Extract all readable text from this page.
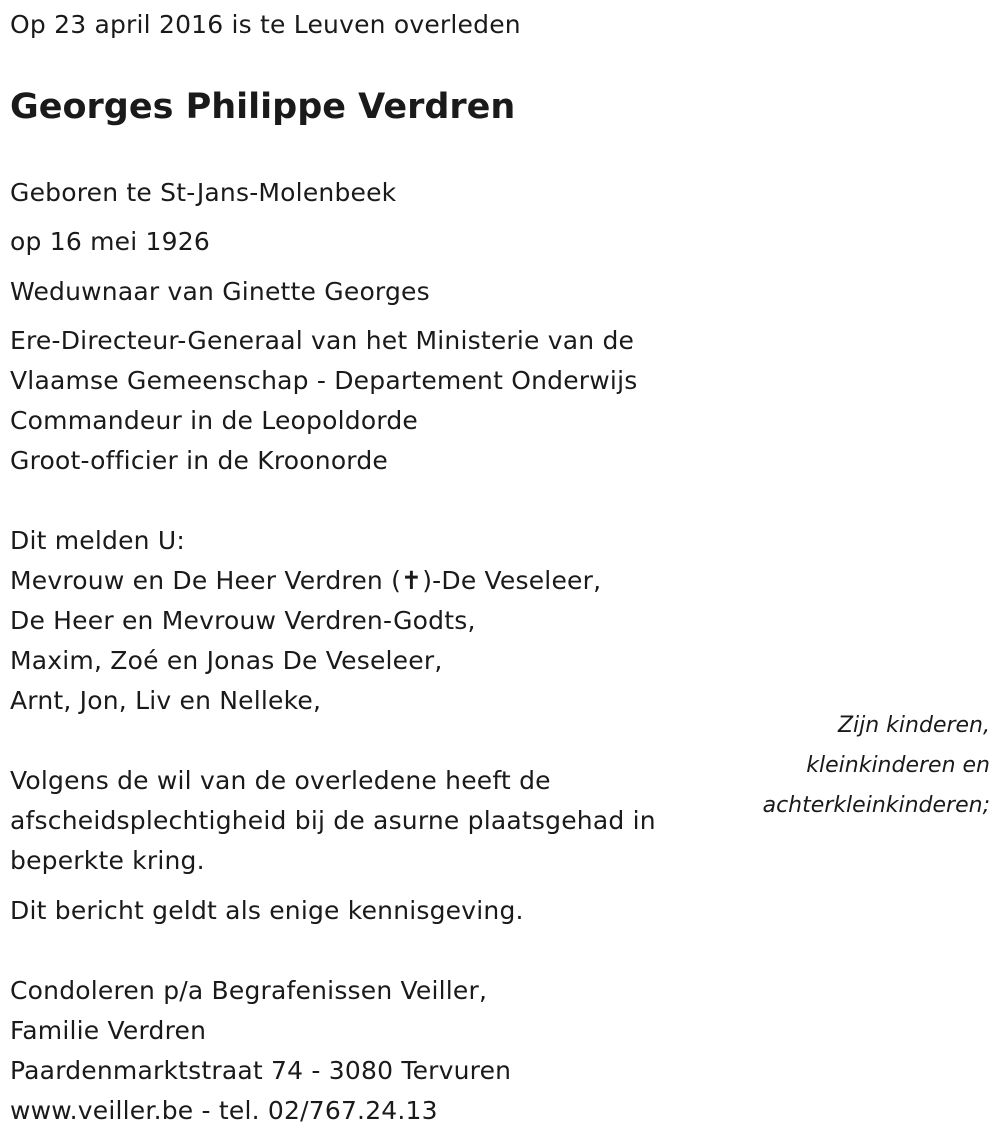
Op 23 april 2016 is te Leuven overleden
Georges Philippe Verdren
Geboren te St-Jans-Molenbeek
op 16 mei 1926
Weduwnaar van Ginette Georges
Ere-Directeur-Generaal van het Ministerie van de
Vlaamse Gemeenschap - Departement Onderwijs
Commandeur in de Leopoldorde
Groot-officier in de Kroonorde
Dit melden U:
Mevrouw en De Heer Verdren (✝)-De Veseleer,
De Heer en Mevrouw Verdren-Godts,
Maxim, Zoé en Jonas De Veseleer,
Arnt, Jon, Liv en Nelleke,
Zijn kinderen,
kleinkinderen en
achterkleinkinderen;
Volgens de wil van de overledene heeft de
afscheidsplechtigheid bij de asurne plaatsgehad in
beperkte kring.
Dit bericht geldt als enige kennisgeving.
Condoleren p/a Begrafenissen Veiller,
Familie Verdren
Paardenmarktstraat 74 - 3080 Tervuren
www.veiller.be - tel. 02/767.24.13
